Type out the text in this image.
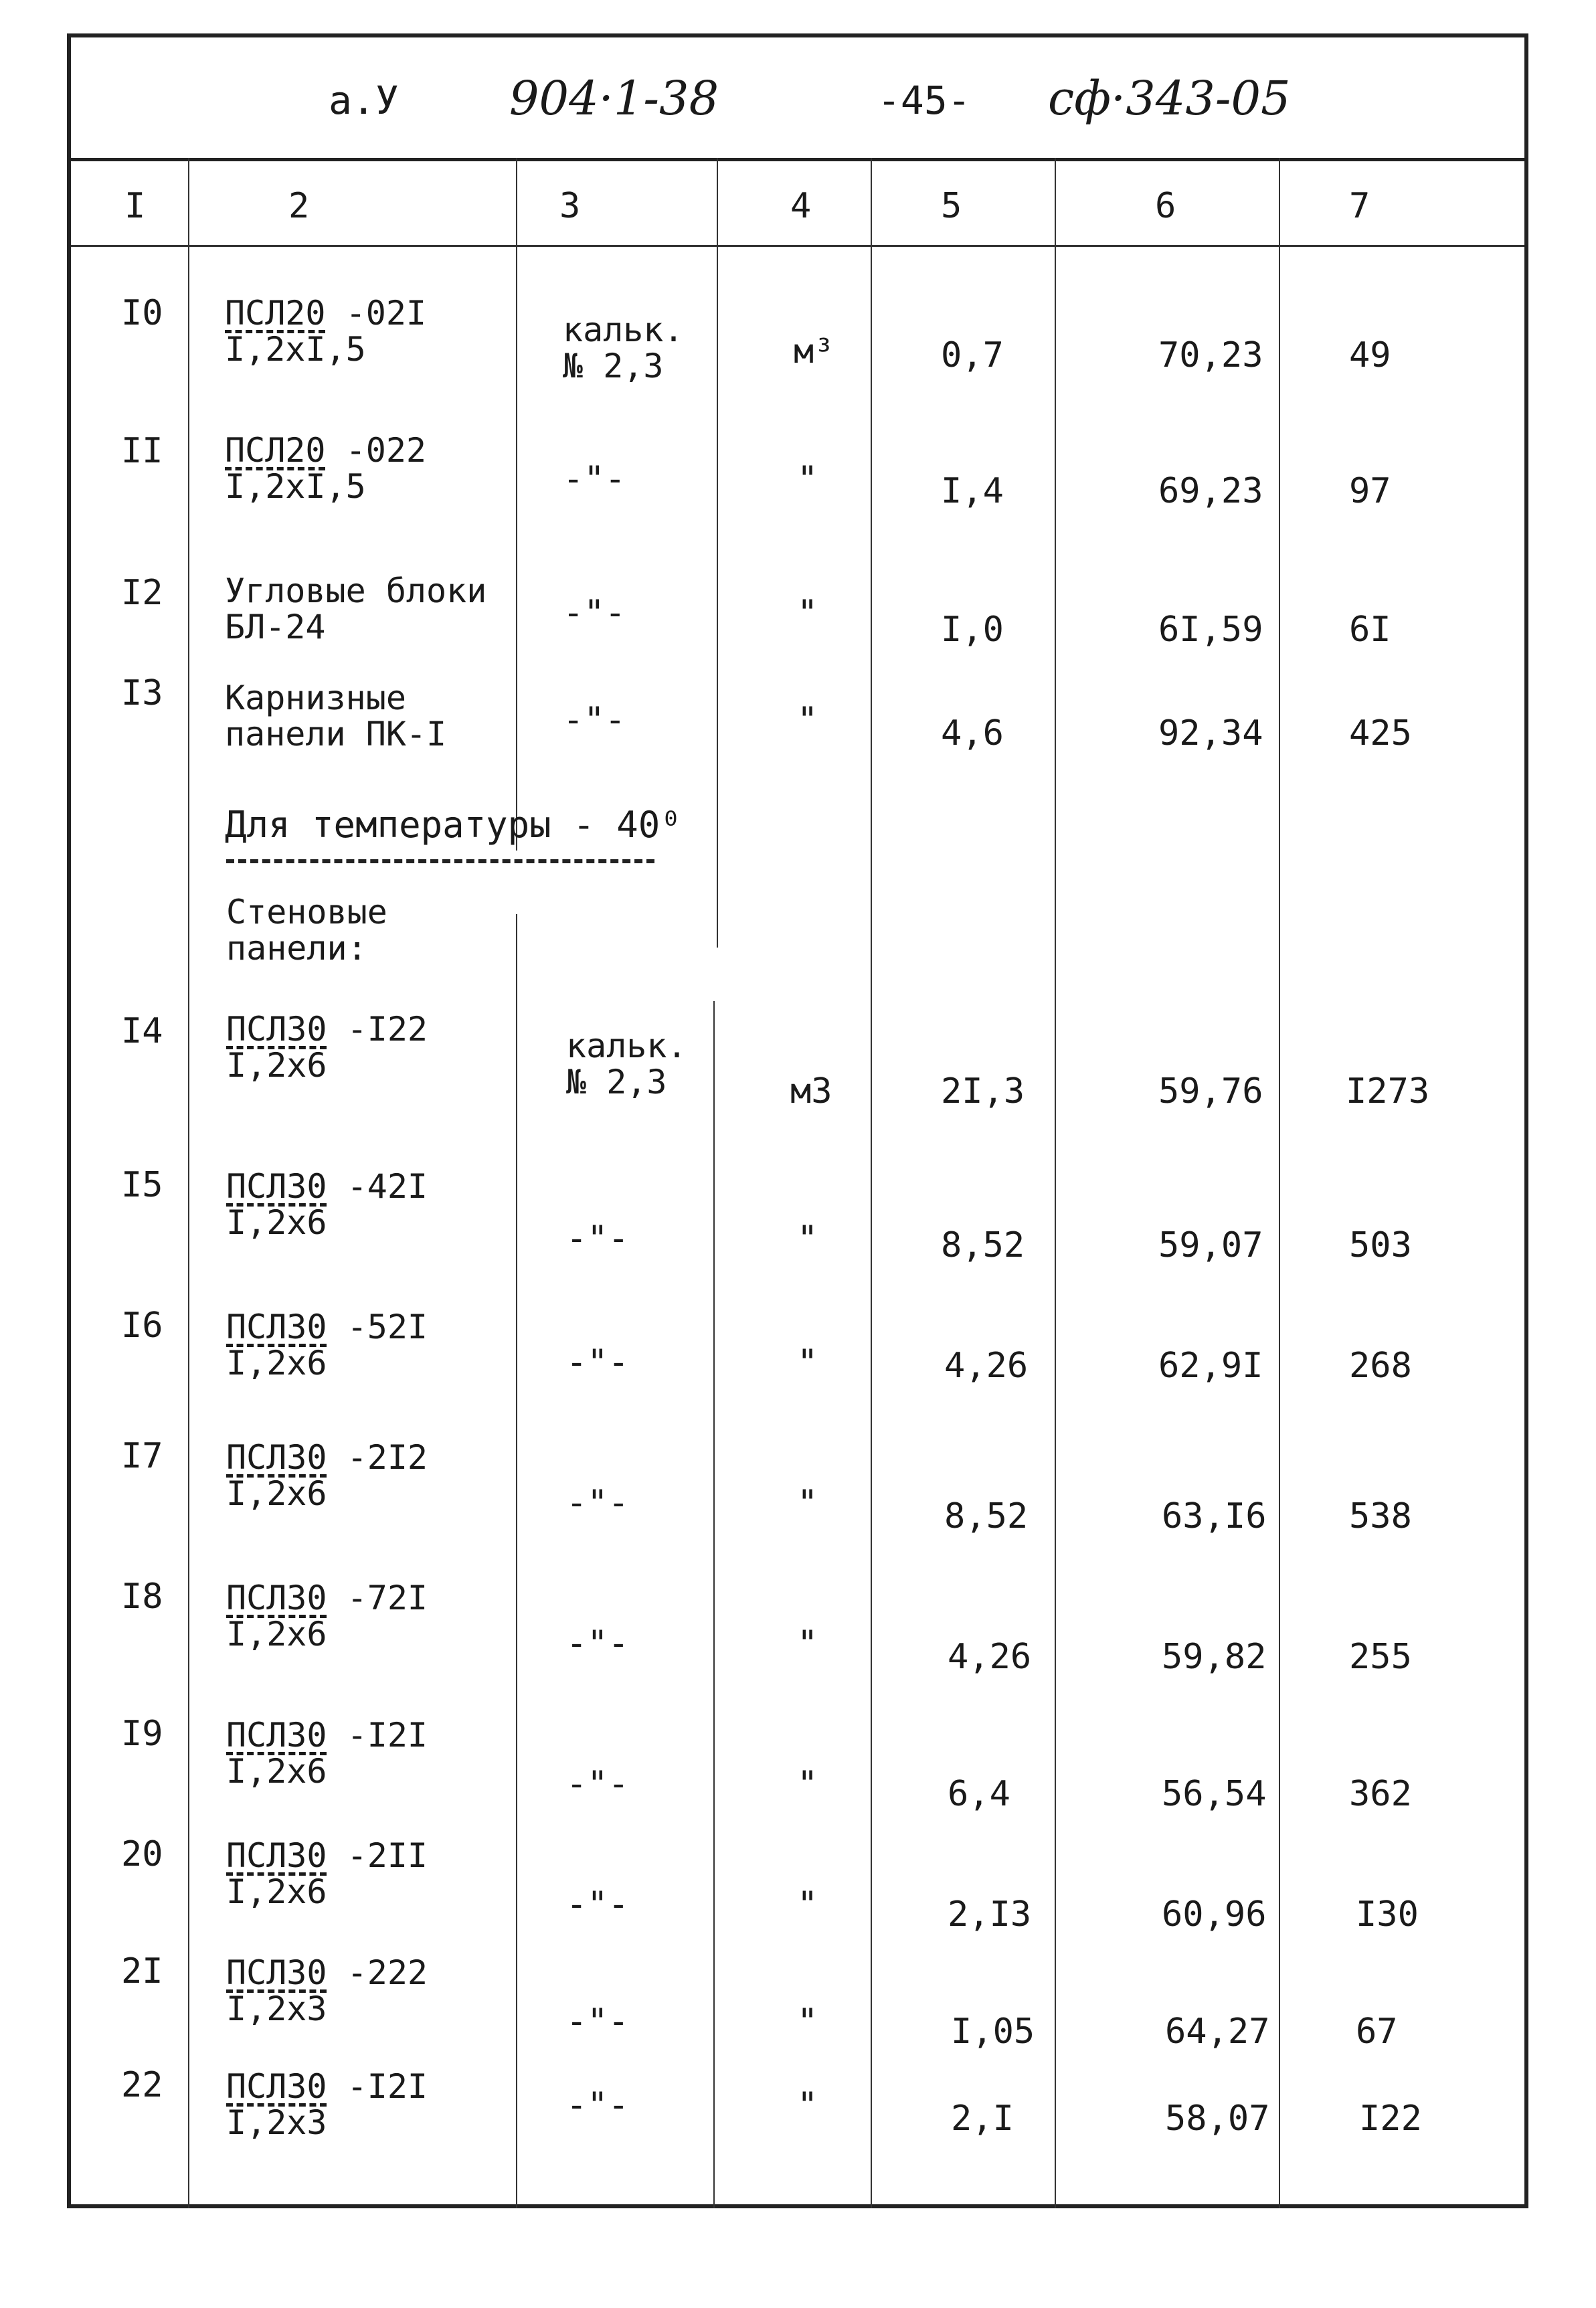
а.У 904·1-38	-45- сф·343-05
I	2	3	4	5	6	7
I0 ПСЛ20 -02I
I,2xI,5	кальк.
№ 2,3	м³	0,7	70,23 49
II ПСЛ20 -022
I,2xI,5	-"-	"	I,4	69,23 97
I2 Угловые блоки
БЛ-24	-"-	"	I,0	6I,59 6I
I3 Карнизные
панели ПК-I	-"-	"	4,6	92,34 425
Для температуры - 40⁰
Стеновые
панели:
I4 ПСЛ30 -I22
I,2x6	кальк.
№ 2,3	м3	2I,3	59,76 I273
I5 ПСЛ30 -42I
I,2x6	-"-	"	8,52	59,07 503
I6 ПСЛ30 -52I
I,2x6	-"-	"	4,26	62,9I 268
I7 ПСЛ30 -2I2
I,2x6	-"-	"	8,52	63,I6 538
I8 ПСЛ30 -72I
I,2x6	-"-	"	4,26	59,82 255
I9 ПСЛ30 -I2I
I,2x6	-"-	"	6,4	56,54 362
20 ПСЛ30 -2II
I,2x6	-"-	"	2,I3	60,96	I30
2I ПСЛ30 -222
I,2x3	-"-	"	I,05	64,27 67
22 ПСЛ30 -I2I
I,2x3	-"-	"	2,I	58,07	I22
